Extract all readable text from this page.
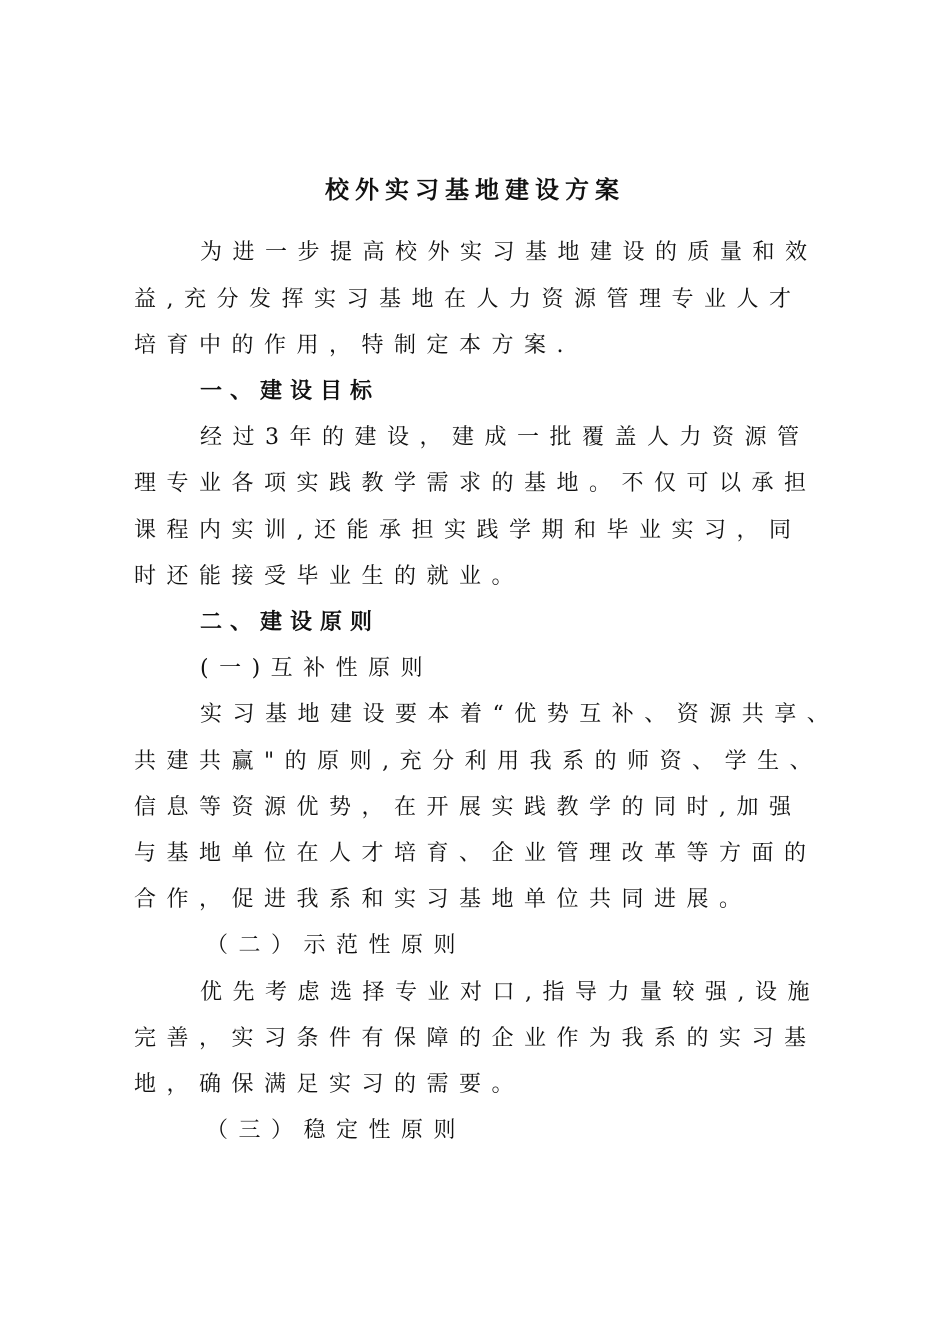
校外实习基地建设方案
为进一步提高校外实习基地建设的质量和效
益,充分发挥实习基地在人力资源管理专业人才
培育中的作用，特制定本方案.
一、建设目标
经过3年的建设，建成一批覆盖人力资源管
理专业各项实践教学需求的基地。不仅可以承担
课程内实训,还能承担实践学期和毕业实习，同
时还能接受毕业生的就业。
二、建设原则
(一)互补性原则
实习基地建设要本着“优势互补、资源共享、
共建共赢"的原则,充分利用我系的师资、学生、
信息等资源优势，在开展实践教学的同时,加强
与基地单位在人才培育、企业管理改革等方面的
合作，促进我系和实习基地单位共同进展。
（二）示范性原则
优先考虑选择专业对口,指导力量较强,设施
完善，实习条件有保障的企业作为我系的实习基
地，确保满足实习的需要。
（三）稳定性原则
